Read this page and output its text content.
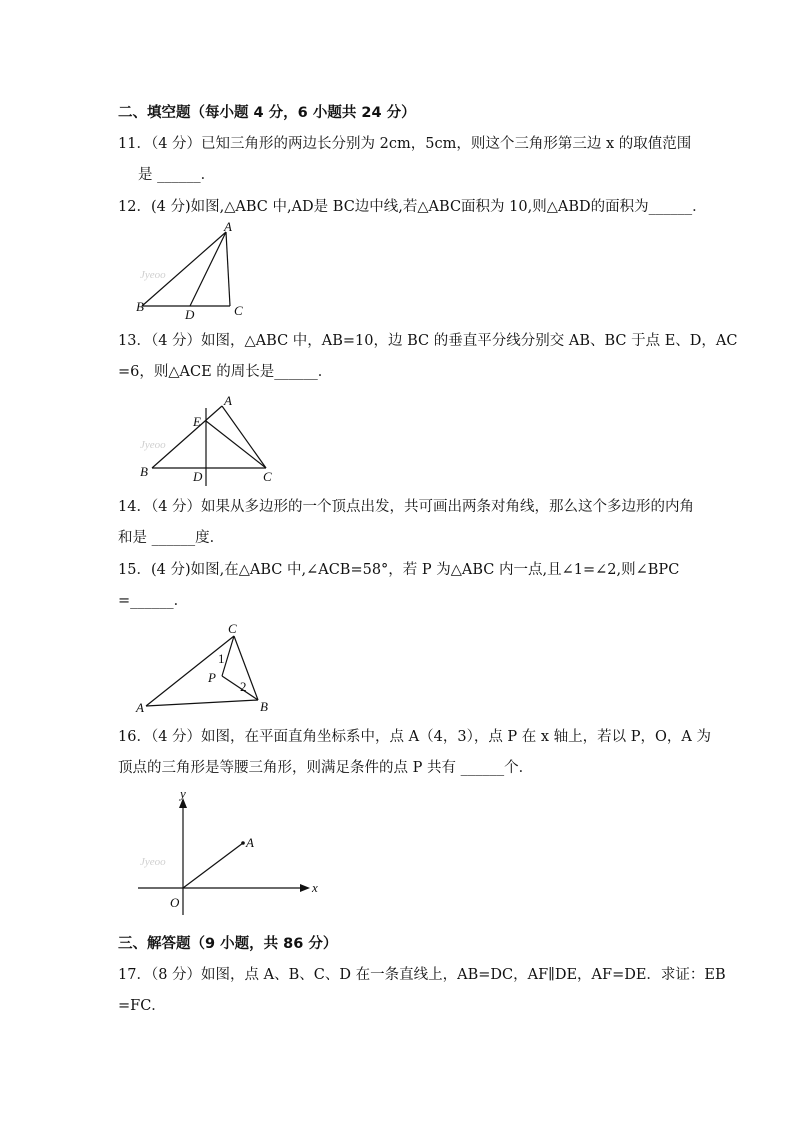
二、填空题（每小题 4 分，6 小题共 24 分）
11．（4 分）已知三角形的两边长分别为 2cm，5cm，则这个三角形第三边 x 的取值范围
是 ______．
12．(4 分)如图,△ABC 中,AD是 BC边中线,若△ABC面积为 10,则△ABD的面积为______．
Jyeoo
A
B	C
D
13．（4 分）如图，△ABC 中，AB=10，边 BC 的垂直平分线分别交 AB、BC 于点 E、D，AC
=6，则△ACE 的周长是______．
Jyeoo
A
B	C
D
E
14．（4 分）如果从多边形的一个顶点出发，共可画出两条对角线，那么这个多边形的内角
和是 ______度．
15．(4 分)如图,在△ABC 中,∠ACB=58°，若 P 为△ABC 内一点,且∠1=∠2,则∠BPC
=______．
C
A	B
P
1
2
16．（4 分）如图，在平面直角坐标系中，点 A（4，3），点 P 在 x 轴上，若以 P，O，A 为
顶点的三角形是等腰三角形，则满足条件的点 P 共有 ______个．
Jyeoo
A
x
y
O
三、解答题（9 小题，共 86 分）
17．（8 分）如图，点 A、B、C、D 在一条直线上，AB=DC，AF∥DE，AF=DE．求证：EB
=FC．
